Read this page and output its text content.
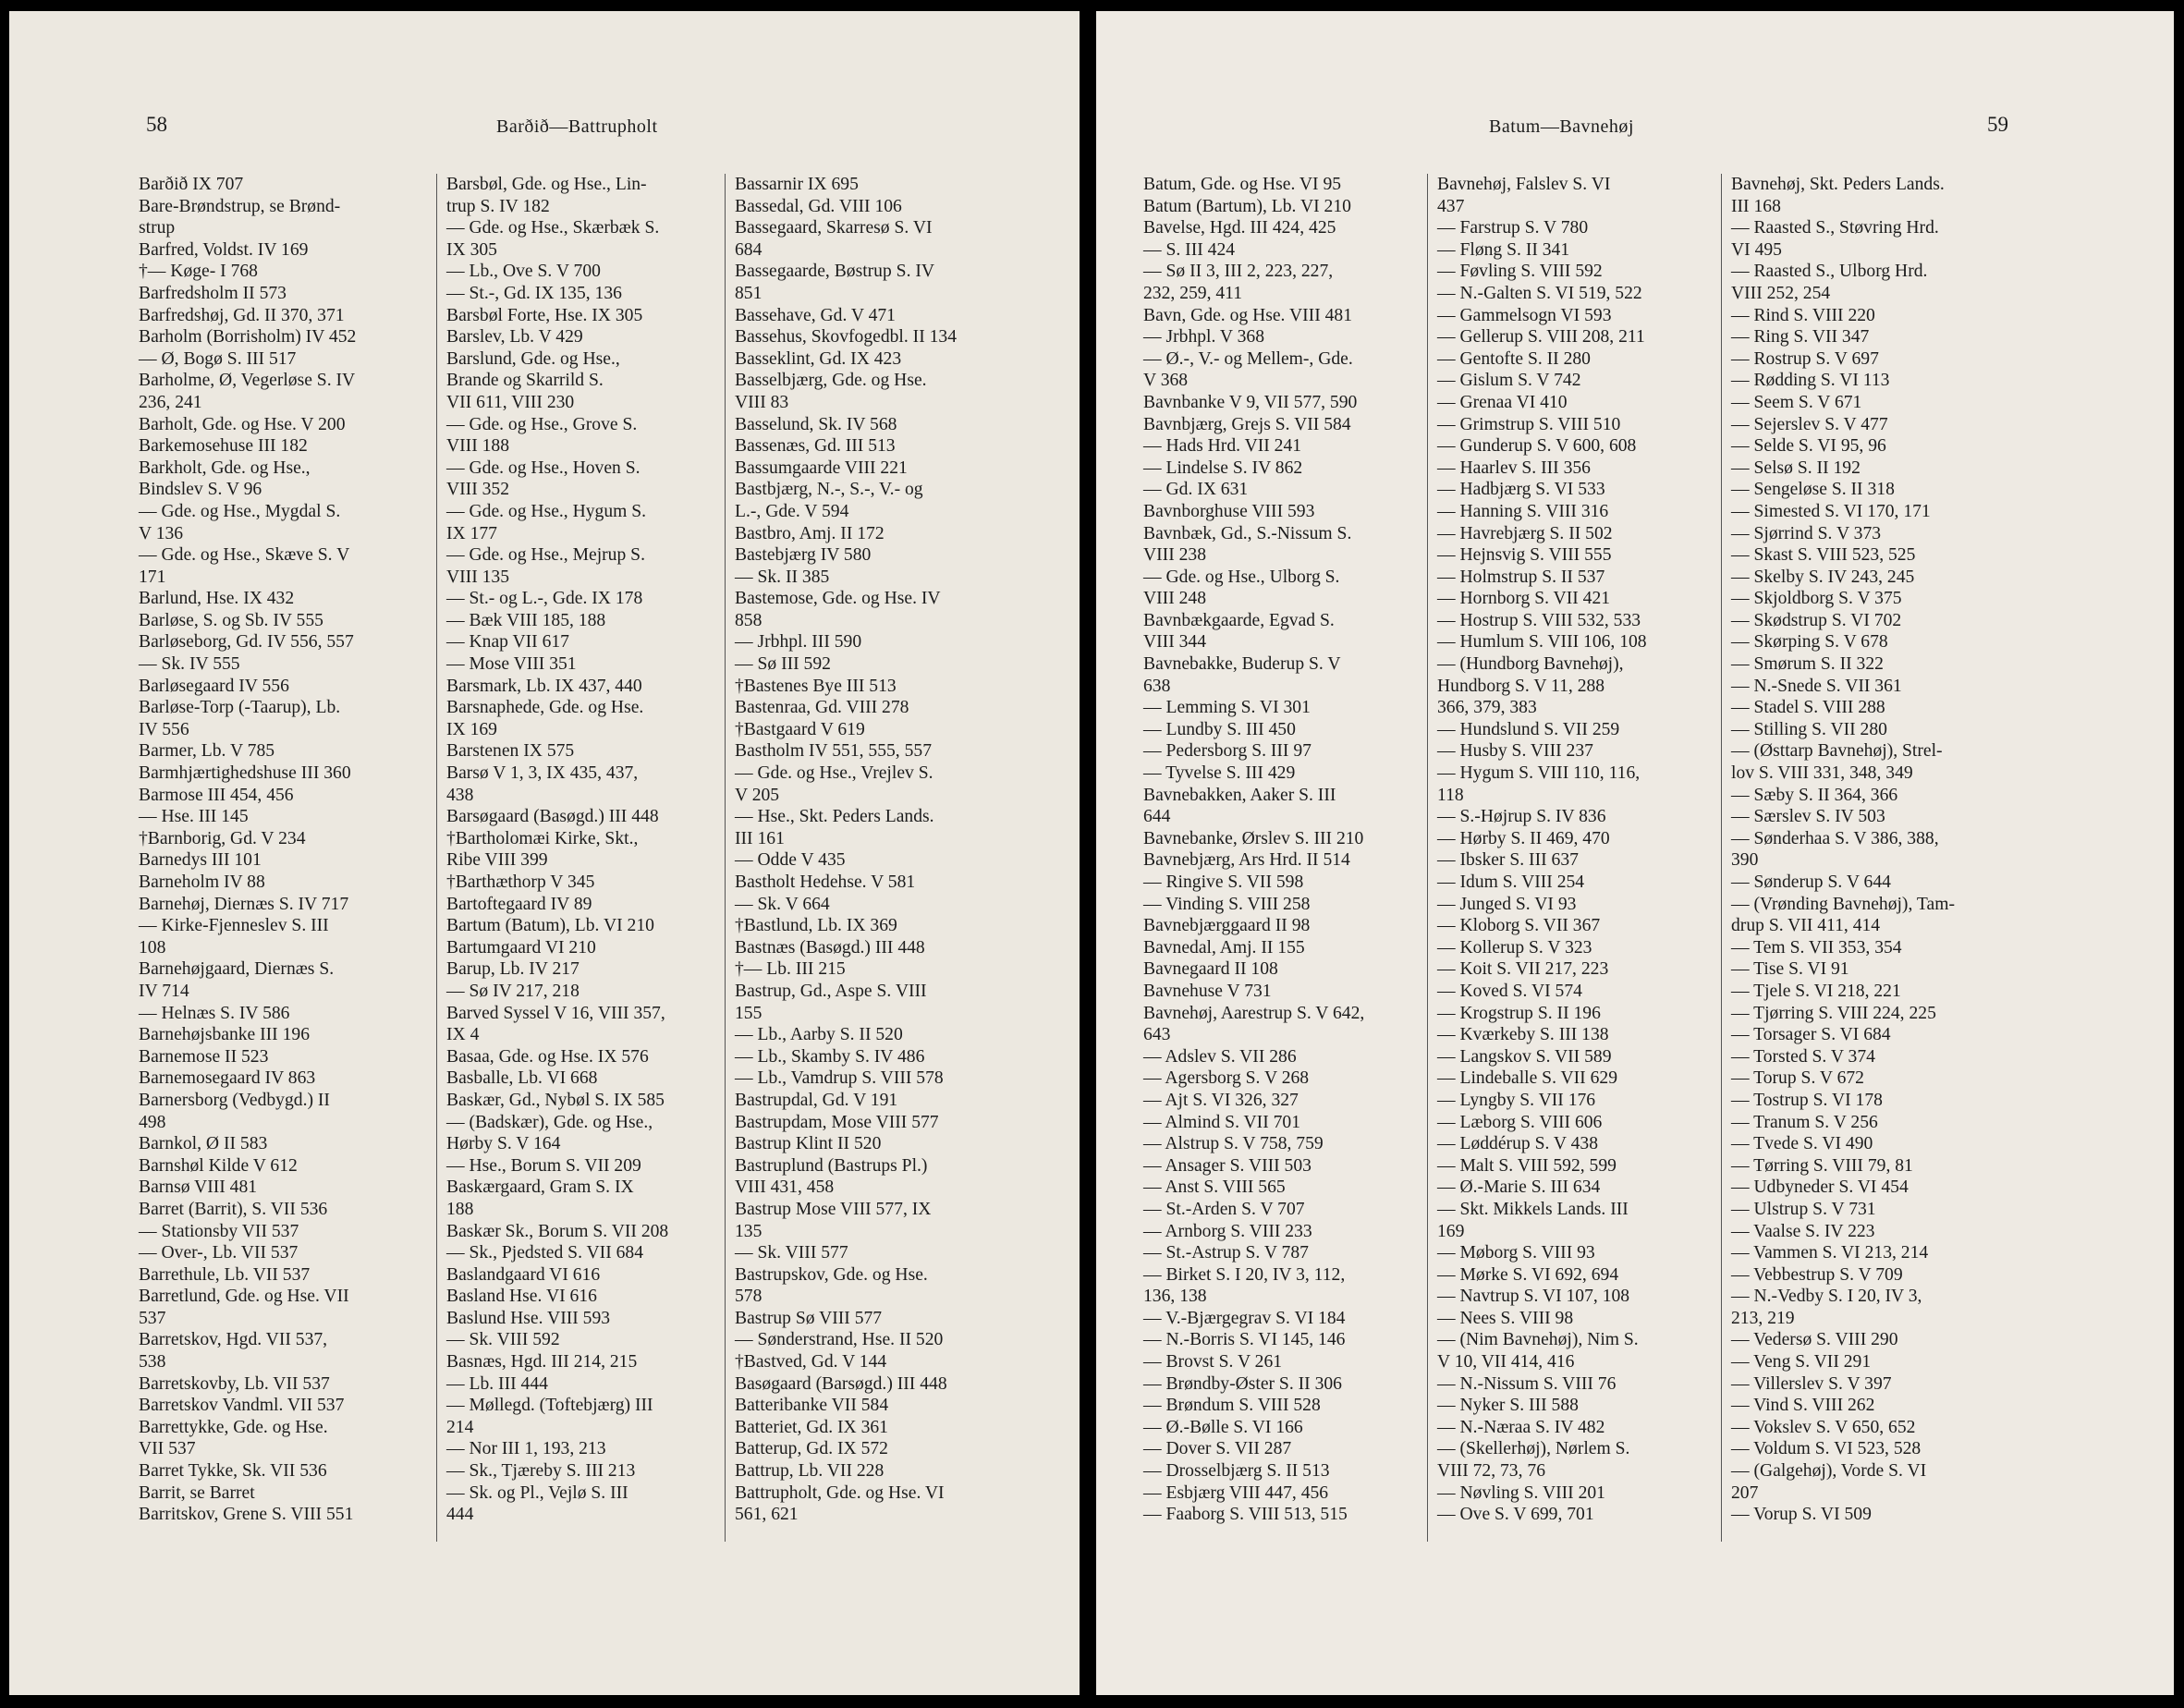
58	Barðið—Battrupholt
Barðið IX 707
Bare-Brøndstrup, se Brønd-
strup
Barfred, Voldst. IV 169
†— Køge- I 768
Barfredsholm II 573
Barfredshøj, Gd. II 370, 371
Barholm (Borrisholm) IV 452
— Ø, Bogø S. III 517
Barholme, Ø, Vegerløse S. IV
236, 241
Barholt, Gde. og Hse. V 200
Barkemosehuse III 182
Barkholt, Gde. og Hse.,
Bindslev S. V 96
— Gde. og Hse., Mygdal S.
V 136
— Gde. og Hse., Skæve S. V
171
Barlund, Hse. IX 432
Barløse, S. og Sb. IV 555
Barløseborg, Gd. IV 556, 557
— Sk. IV 555
Barløsegaard IV 556
Barløse-Torp (-Taarup), Lb.
IV 556
Barmer, Lb. V 785
Barmhjærtighedshuse III 360
Barmose III 454, 456
— Hse. III 145
†Barnborig, Gd. V 234
Barnedys III 101
Barneholm IV 88
Barnehøj, Diernæs S. IV 717
— Kirke-Fjenneslev S. III
108
Barnehøjgaard, Diernæs S.
IV 714
— Helnæs S. IV 586
Barnehøjsbanke III 196
Barnemose II 523
Barnemosegaard IV 863
Barnersborg (Vedbygd.) II
498
Barnkol, Ø II 583
Barnshøl Kilde V 612
Barnsø VIII 481
Barret (Barrit), S. VII 536
— Stationsby VII 537
— Over-, Lb. VII 537
Barrethule, Lb. VII 537
Barretlund, Gde. og Hse. VII
537
Barretskov, Hgd. VII 537,
538
Barretskovby, Lb. VII 537
Barretskov Vandml. VII 537
Barrettykke, Gde. og Hse.
VII 537
Barret Tykke, Sk. VII 536
Barrit, se Barret
Barritskov, Grene S. VIII 551
Barsbøl, Gde. og Hse., Lin-
trup S. IV 182
— Gde. og Hse., Skærbæk S.
IX 305
— Lb., Ove S. V 700
— St.-, Gd. IX 135, 136
Barsbøl Forte, Hse. IX 305
Barslev, Lb. V 429
Barslund, Gde. og Hse.,
Brande og Skarrild S.
VII 611, VIII 230
— Gde. og Hse., Grove S.
VIII 188
— Gde. og Hse., Hoven S.
VIII 352
— Gde. og Hse., Hygum S.
IX 177
— Gde. og Hse., Mejrup S.
VIII 135
— St.- og L.-, Gde. IX 178
— Bæk VIII 185, 188
— Knap VII 617
— Mose VIII 351
Barsmark, Lb. IX 437, 440
Barsnaphede, Gde. og Hse.
IX 169
Barstenen IX 575
Barsø V 1, 3, IX 435, 437,
438
Barsøgaard (Basøgd.) III 448
†Bartholomæi Kirke, Skt.,
Ribe VIII 399
†Barthæthorp V 345
Bartoftegaard IV 89
Bartum (Batum), Lb. VI 210
Bartumgaard VI 210
Barup, Lb. IV 217
— Sø IV 217, 218
Barved Syssel V 16, VIII 357,
IX 4
Basaa, Gde. og Hse. IX 576
Basballe, Lb. VI 668
Baskær, Gd., Nybøl S. IX 585
— (Badskær), Gde. og Hse.,
Hørby S. V 164
— Hse., Borum S. VII 209
Baskærgaard, Gram S. IX
188
Baskær Sk., Borum S. VII 208
— Sk., Pjedsted S. VII 684
Baslandgaard VI 616
Basland Hse. VI 616
Baslund Hse. VIII 593
— Sk. VIII 592
Basnæs, Hgd. III 214, 215
— Lb. III 444
— Møllegd. (Toftebjærg) III
214
— Nor III 1, 193, 213
— Sk., Tjæreby S. III 213
— Sk. og Pl., Vejlø S. III
444
Bassarnir IX 695
Bassedal, Gd. VIII 106
Bassegaard, Skarresø S. VI
684
Bassegaarde, Bøstrup S. IV
851
Bassehave, Gd. V 471
Bassehus, Skovfogedbl. II 134
Basseklint, Gd. IX 423
Basselbjærg, Gde. og Hse.
VIII 83
Basselund, Sk. IV 568
Bassenæs, Gd. III 513
Bassumgaarde VIII 221
Bastbjærg, N.-, S.-, V.- og
L.-, Gde. V 594
Bastbro, Amj. II 172
Bastebjærg IV 580
— Sk. II 385
Bastemose, Gde. og Hse. IV
858
— Jrbhpl. III 590
— Sø III 592
†Bastenes Bye III 513
Bastenraa, Gd. VIII 278
†Bastgaard V 619
Bastholm IV 551, 555, 557
— Gde. og Hse., Vrejlev S.
V 205
— Hse., Skt. Peders Lands.
III 161
— Odde V 435
Bastholt Hedehse. V 581
— Sk. V 664
†Bastlund, Lb. IX 369
Bastnæs (Basøgd.) III 448
†— Lb. III 215
Bastrup, Gd., Aspe S. VIII
155
— Lb., Aarby S. II 520
— Lb., Skamby S. IV 486
— Lb., Vamdrup S. VIII 578
Bastrupdal, Gd. V 191
Bastrupdam, Mose VIII 577
Bastrup Klint II 520
Bastruplund (Bastrups Pl.)
VIII 431, 458
Bastrup Mose VIII 577, IX
135
— Sk. VIII 577
Bastrupskov, Gde. og Hse.
578
Bastrup Sø VIII 577
— Sønderstrand, Hse. II 520
†Bastved, Gd. V 144
Basøgaard (Barsøgd.) III 448
Batteribanke VII 584
Batteriet, Gd. IX 361
Batterup, Gd. IX 572
Battrup, Lb. VII 228
Battrupholt, Gde. og Hse. VI
561, 621
Batum—Bavnehøj	59
Batum, Gde. og Hse. VI 95
Batum (Bartum), Lb. VI 210
Bavelse, Hgd. III 424, 425
— S. III 424
— Sø II 3, III 2, 223, 227,
232, 259, 411
Bavn, Gde. og Hse. VIII 481
— Jrbhpl. V 368
— Ø.-, V.- og Mellem-, Gde.
V 368
Bavnbanke V 9, VII 577, 590
Bavnbjærg, Grejs S. VII 584
— Hads Hrd. VII 241
— Lindelse S. IV 862
— Gd. IX 631
Bavnborghuse VIII 593
Bavnbæk, Gd., S.-Nissum S.
VIII 238
— Gde. og Hse., Ulborg S.
VIII 248
Bavnbækgaarde, Egvad S.
VIII 344
Bavnebakke, Buderup S. V
638
— Lemming S. VI 301
— Lundby S. III 450
— Pedersborg S. III 97
— Tyvelse S. III 429
Bavnebakken, Aaker S. III
644
Bavnebanke, Ørslev S. III 210
Bavnebjærg, Ars Hrd. II 514
— Ringive S. VII 598
— Vinding S. VIII 258
Bavnebjærggaard II 98
Bavnedal, Amj. II 155
Bavnegaard II 108
Bavnehuse V 731
Bavnehøj, Aarestrup S. V 642,
643
— Adslev S. VII 286
— Agersborg S. V 268
— Ajt S. VI 326, 327
— Almind S. VII 701
— Alstrup S. V 758, 759
— Ansager S. VIII 503
— Anst S. VIII 565
— St.-Arden S. V 707
— Arnborg S. VIII 233
— St.-Astrup S. V 787
— Birket S. I 20, IV 3, 112,
136, 138
— V.-Bjærgegrav S. VI 184
— N.-Borris S. VI 145, 146
— Brovst S. V 261
— Brøndby-Øster S. II 306
— Brøndum S. VIII 528
— Ø.-Bølle S. VI 166
— Dover S. VII 287
— Drosselbjærg S. II 513
— Esbjærg VIII 447, 456
— Faaborg S. VIII 513, 515
Bavnehøj, Falslev S. VI
437
— Farstrup S. V 780
— Fløng S. II 341
— Føvling S. VIII 592
— N.-Galten S. VI 519, 522
— Gammelsogn VI 593
— Gellerup S. VIII 208, 211
— Gentofte S. II 280
— Gislum S. V 742
— Grenaa VI 410
— Grimstrup S. VIII 510
— Gunderup S. V 600, 608
— Haarlev S. III 356
— Hadbjærg S. VI 533
— Hanning S. VIII 316
— Havrebjærg S. II 502
— Hejnsvig S. VIII 555
— Holmstrup S. II 537
— Hornborg S. VII 421
— Hostrup S. VIII 532, 533
— Humlum S. VIII 106, 108
— (Hundborg Bavnehøj),
Hundborg S. V 11, 288
366, 379, 383
— Hundslund S. VII 259
— Husby S. VIII 237
— Hygum S. VIII 110, 116,
118
— S.-Højrup S. IV 836
— Hørby S. II 469, 470
— Ibsker S. III 637
— Idum S. VIII 254
— Junged S. VI 93
— Kloborg S. VII 367
— Kollerup S. V 323
— Koit S. VII 217, 223
— Koved S. VI 574
— Krogstrup S. II 196
— Kværkeby S. III 138
— Langskov S. VII 589
— Lindeballe S. VII 629
— Lyngby S. VII 176
— Læborg S. VIII 606
— Løddérup S. V 438
— Malt S. VIII 592, 599
— Ø.-Marie S. III 634
— Skt. Mikkels Lands. III
169
— Møborg S. VIII 93
— Mørke S. VI 692, 694
— Navtrup S. VI 107, 108
— Nees S. VIII 98
— (Nim Bavnehøj), Nim S.
V 10, VII 414, 416
— N.-Nissum S. VIII 76
— Nyker S. III 588
— N.-Næraa S. IV 482
— (Skellerhøj), Nørlem S.
VIII 72, 73, 76
— Nøvling S. VIII 201
— Ove S. V 699, 701
Bavnehøj, Skt. Peders Lands.
III 168
— Raasted S., Støvring Hrd.
VI 495
— Raasted S., Ulborg Hrd.
VIII 252, 254
— Rind S. VIII 220
— Ring S. VII 347
— Rostrup S. V 697
— Rødding S. VI 113
— Seem S. V 671
— Sejerslev S. V 477
— Selde S. VI 95, 96
— Selsø S. II 192
— Sengeløse S. II 318
— Simested S. VI 170, 171
— Sjørrind S. V 373
— Skast S. VIII 523, 525
— Skelby S. IV 243, 245
— Skjoldborg S. V 375
— Skødstrup S. VI 702
— Skørping S. V 678
— Smørum S. II 322
— N.-Snede S. VII 361
— Stadel S. VIII 288
— Stilling S. VII 280
— (Østtarp Bavnehøj), Strel-
lov S. VIII 331, 348, 349
— Sæby S. II 364, 366
— Særslev S. IV 503
— Sønderhaa S. V 386, 388,
390
— Sønderup S. V 644
— (Vrønding Bavnehøj), Tam-
drup S. VII 411, 414
— Tem S. VII 353, 354
— Tise S. VI 91
— Tjele S. VI 218, 221
— Tjørring S. VIII 224, 225
— Torsager S. VI 684
— Torsted S. V 374
— Torup S. V 672
— Tostrup S. VI 178
— Tranum S. V 256
— Tvede S. VI 490
— Tørring S. VIII 79, 81
— Udbyneder S. VI 454
— Ulstrup S. V 731
— Vaalse S. IV 223
— Vammen S. VI 213, 214
— Vebbestrup S. V 709
— N.-Vedby S. I 20, IV 3,
213, 219
— Vedersø S. VIII 290
— Veng S. VII 291
— Villerslev S. V 397
— Vind S. VIII 262
— Vokslev S. V 650, 652
— Voldum S. VI 523, 528
— (Galgehøj), Vorde S. VI
207
— Vorup S. VI 509
